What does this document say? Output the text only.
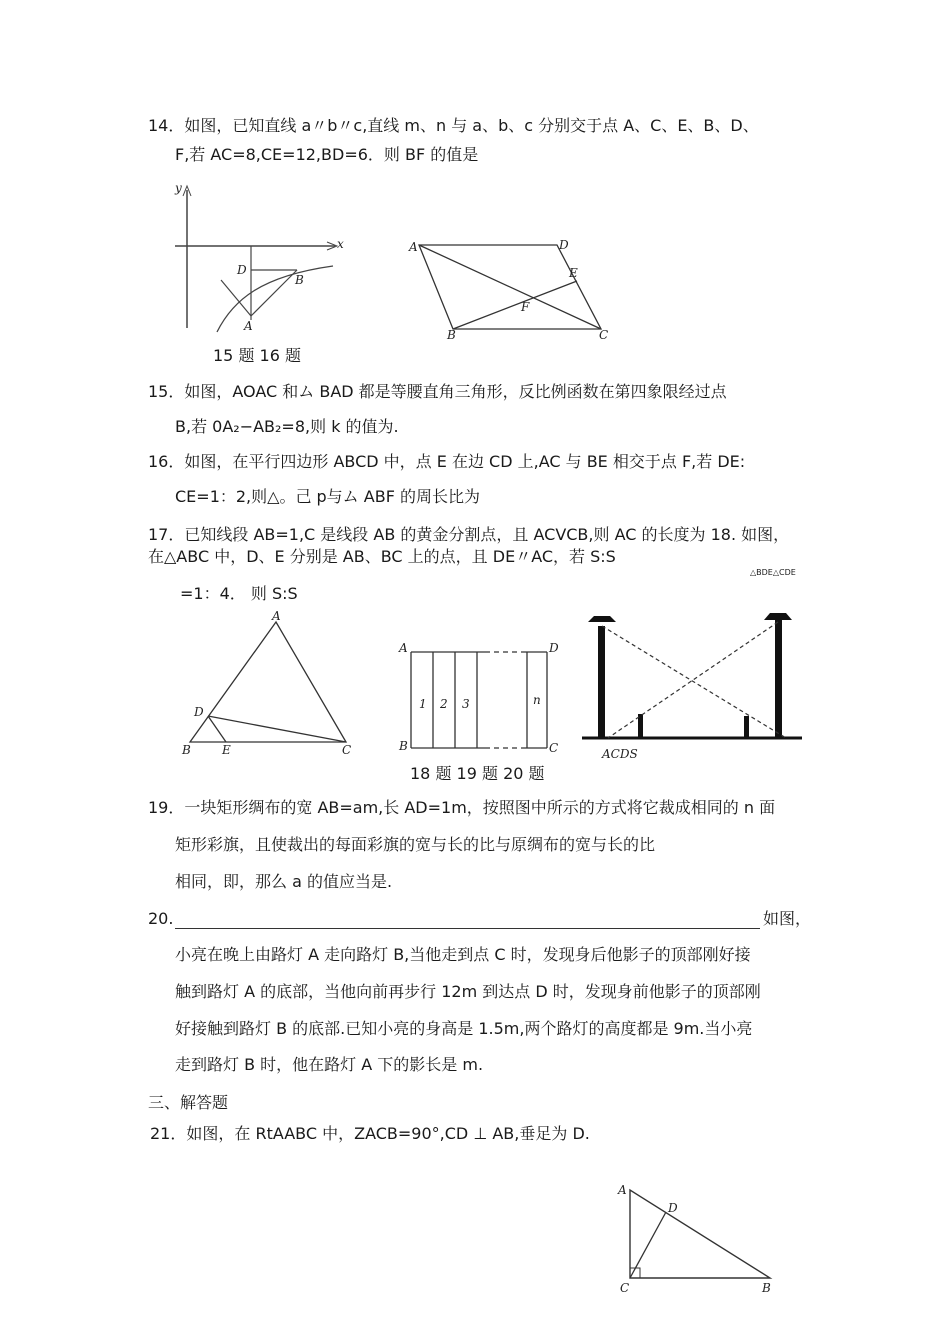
14．如图，已知直线 a〃b〃c,直线 m、n 与 a、b、c 分别交于点 A、C、E、B、D、
F,若 AC=8,CE=12,BD=6．则 BF 的值是
y
x
D
B
A
A	D
E
F
B	C
15 题 16 题
15．如图，AOAC 和ム BAD 都是等腰直角三角形，反比例函数在第四象限经过点
B,若 0A₂−AB₂=8,则 k 的值为.
16．如图，在平行四边形 ABCD 中，点 E 在边 CD 上,AC 与 BE 相交于点 F,若 DE:
CE=1：2,则△。己 p与ム ABF 的周长比为
17．已知线段 AB=1,C 是线段 AB 的黄金分割点，且 ACVCB,则 AC 的长度为 18. 如图，
在△ABC 中，D、E 分别是 AB、BC 上的点，且 DE〃AC，若 S:S
△BDE△CDE
=1：4． 则 S:S
A
D
B	E	C
A	D
B	C
1 2 3	n
ACDS
18 题 19 题 20 题
19．一块矩形绸布的宽 AB=am,长 AD=1m，按照图中所示的方式将它裁成相同的 n 面
矩形彩旗，且使裁出的每面彩旗的宽与长的比与原绸布的宽与长的比
相同，即，那么 a 的值应当是.
20.	如图，
小亮在晚上由路灯 A 走向路灯 B,当他走到点 C 时，发现身后他影子的顶部刚好接
触到路灯 A 的底部，当他向前再步行 12m 到达点 D 时，发现身前他影子的顶部刚
好接触到路灯 B 的底部.已知小亮的身高是 1.5m,两个路灯的高度都是 9m.当小亮
走到路灯 B 时，他在路灯 A 下的影长是 m.
三、解答题
21．如图，在 RtAABC 中，ZACB=90°,CD ⊥ AB,垂足为 D.
A
D
C	B
